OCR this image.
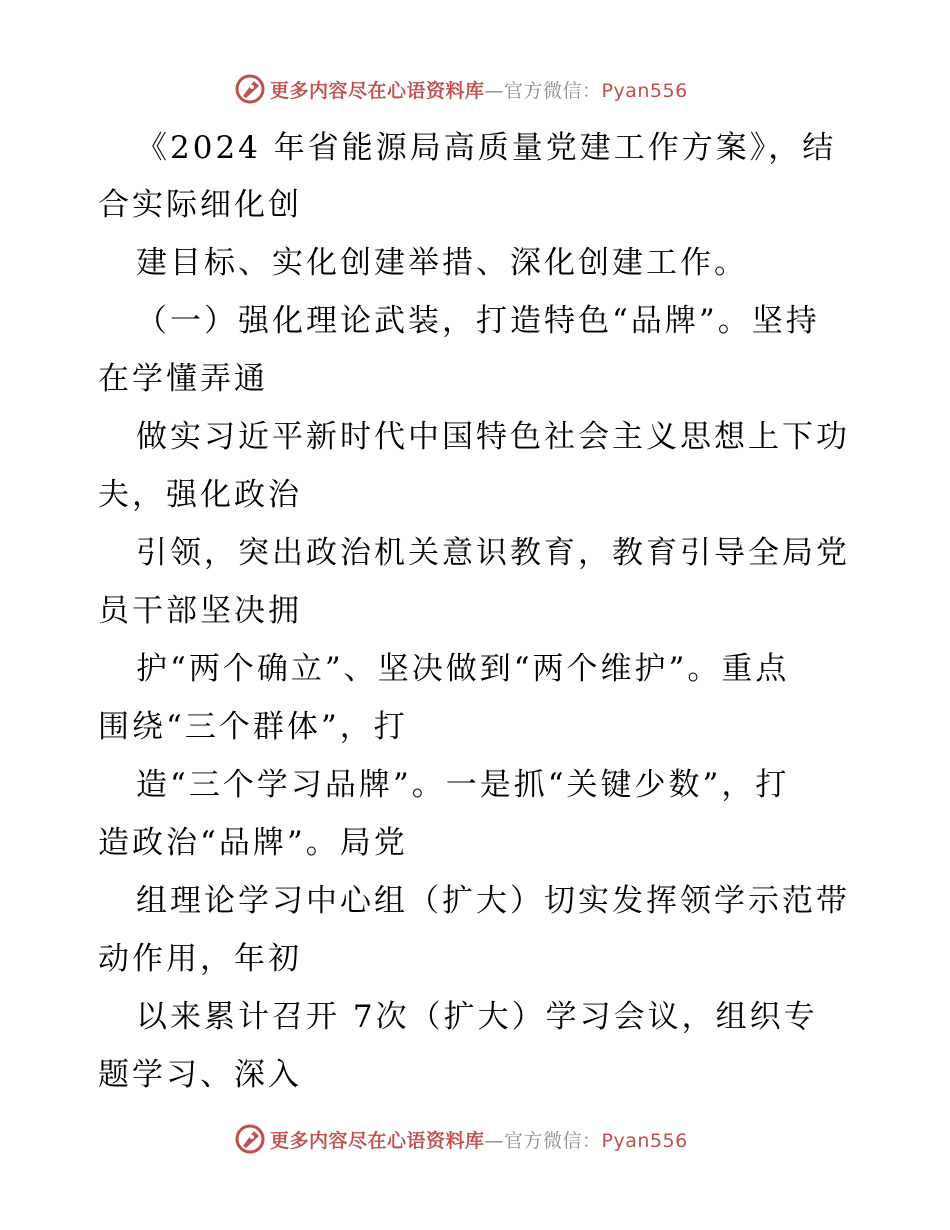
更多内容尽在心语资料库—官方微信：Pyan556
《2024 年省能源局高质量党建工作方案》，结
合实际细化创
建目标、实化创建举措、深化创建工作。
（一）强化理论武装，打造特色“品牌”。坚持
在学懂弄通
做实习近平新时代中国特色社会主义思想上下功
夫，强化政治
引领，突出政治机关意识教育，教育引导全局党
员干部坚决拥
护“两个确立”、坚决做到“两个维护”。重点
围绕“三个群体”，打
造“三个学习品牌”。一是抓“关键少数”，打
造政治“品牌”。局党
组理论学习中心组（扩大）切实发挥领学示范带
动作用，年初
以来累计召开 7次（扩大）学习会议，组织专
题学习、深入
更多内容尽在心语资料库—官方微信：Pyan556
